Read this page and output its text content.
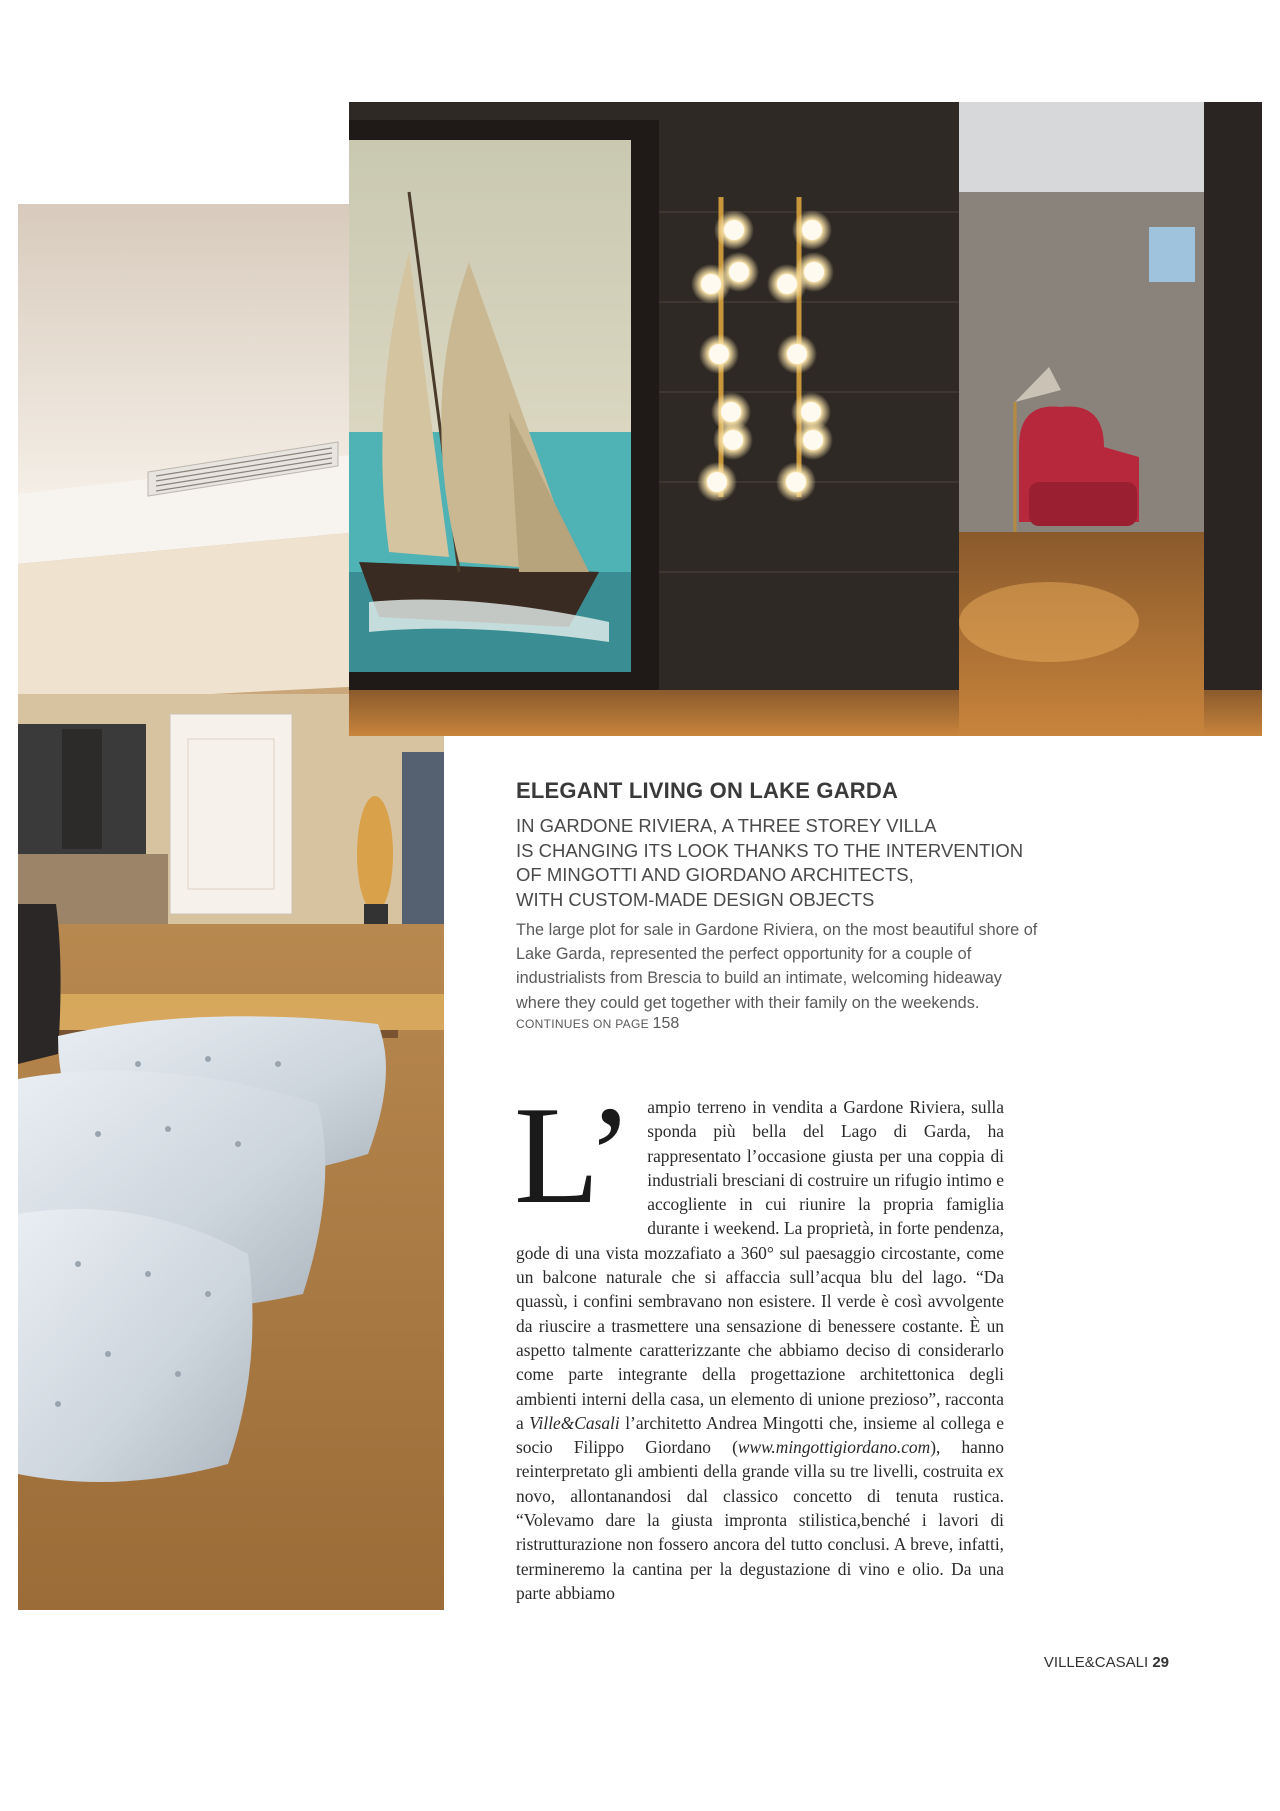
ELEGANT LIVING ON LAKE GARDA
IN GARDONE RIVIERA, A THREE STOREY VILLA
IS CHANGING ITS LOOK THANKS TO THE INTERVENTION
OF MINGOTTI AND GIORDANO ARCHITECTS,
WITH CUSTOM-MADE DESIGN OBJECTS

The large plot for sale in Gardone Riviera, on the most beautiful shore of Lake Garda, represented the perfect opportunity for a couple of industrialists from Brescia to build an intimate, welcoming hideaway where they could get together with their family on the weekends.

CONTINUES ON PAGE 158
L’ ampio terreno in vendita a Gardone Riviera, sulla sponda più bella del Lago di Garda, ha rappresentato l’occasione giusta per una coppia di industriali bresciani di costruire un rifugio intimo e accogliente in cui riunire la propria famiglia durante i weekend. La proprietà, in forte pendenza, gode di una vista mozzafiato a 360° sul paesaggio circostante, come un balcone naturale che si affaccia sull’acqua blu del lago. “Da quassù, i confini sembravano non esistere. Il verde è così avvolgente da riuscire a trasmettere una sensazione di benessere costante. È un aspetto talmente caratterizzante che abbiamo deciso di considerarlo come parte integrante della progettazione architettonica degli ambienti interni della casa, un elemento di unione prezioso”, racconta a Ville&Casali l’architetto Andrea Mingotti che, insieme al collega e socio Filippo Giordano (www.mingottigiordano.com), hanno reinterpretato gli ambienti della grande villa su tre livelli, costruita ex novo, allontanandosi dal classico concetto di tenuta rustica. “Volevamo dare la giusta impronta stilistica,benché i lavori di ristrutturazione non fossero ancora del tutto conclusi. A breve, infatti, termineremo la cantina per la degustazione di vino e olio. Da una parte abbiamo
VILLE&CASALI 29
